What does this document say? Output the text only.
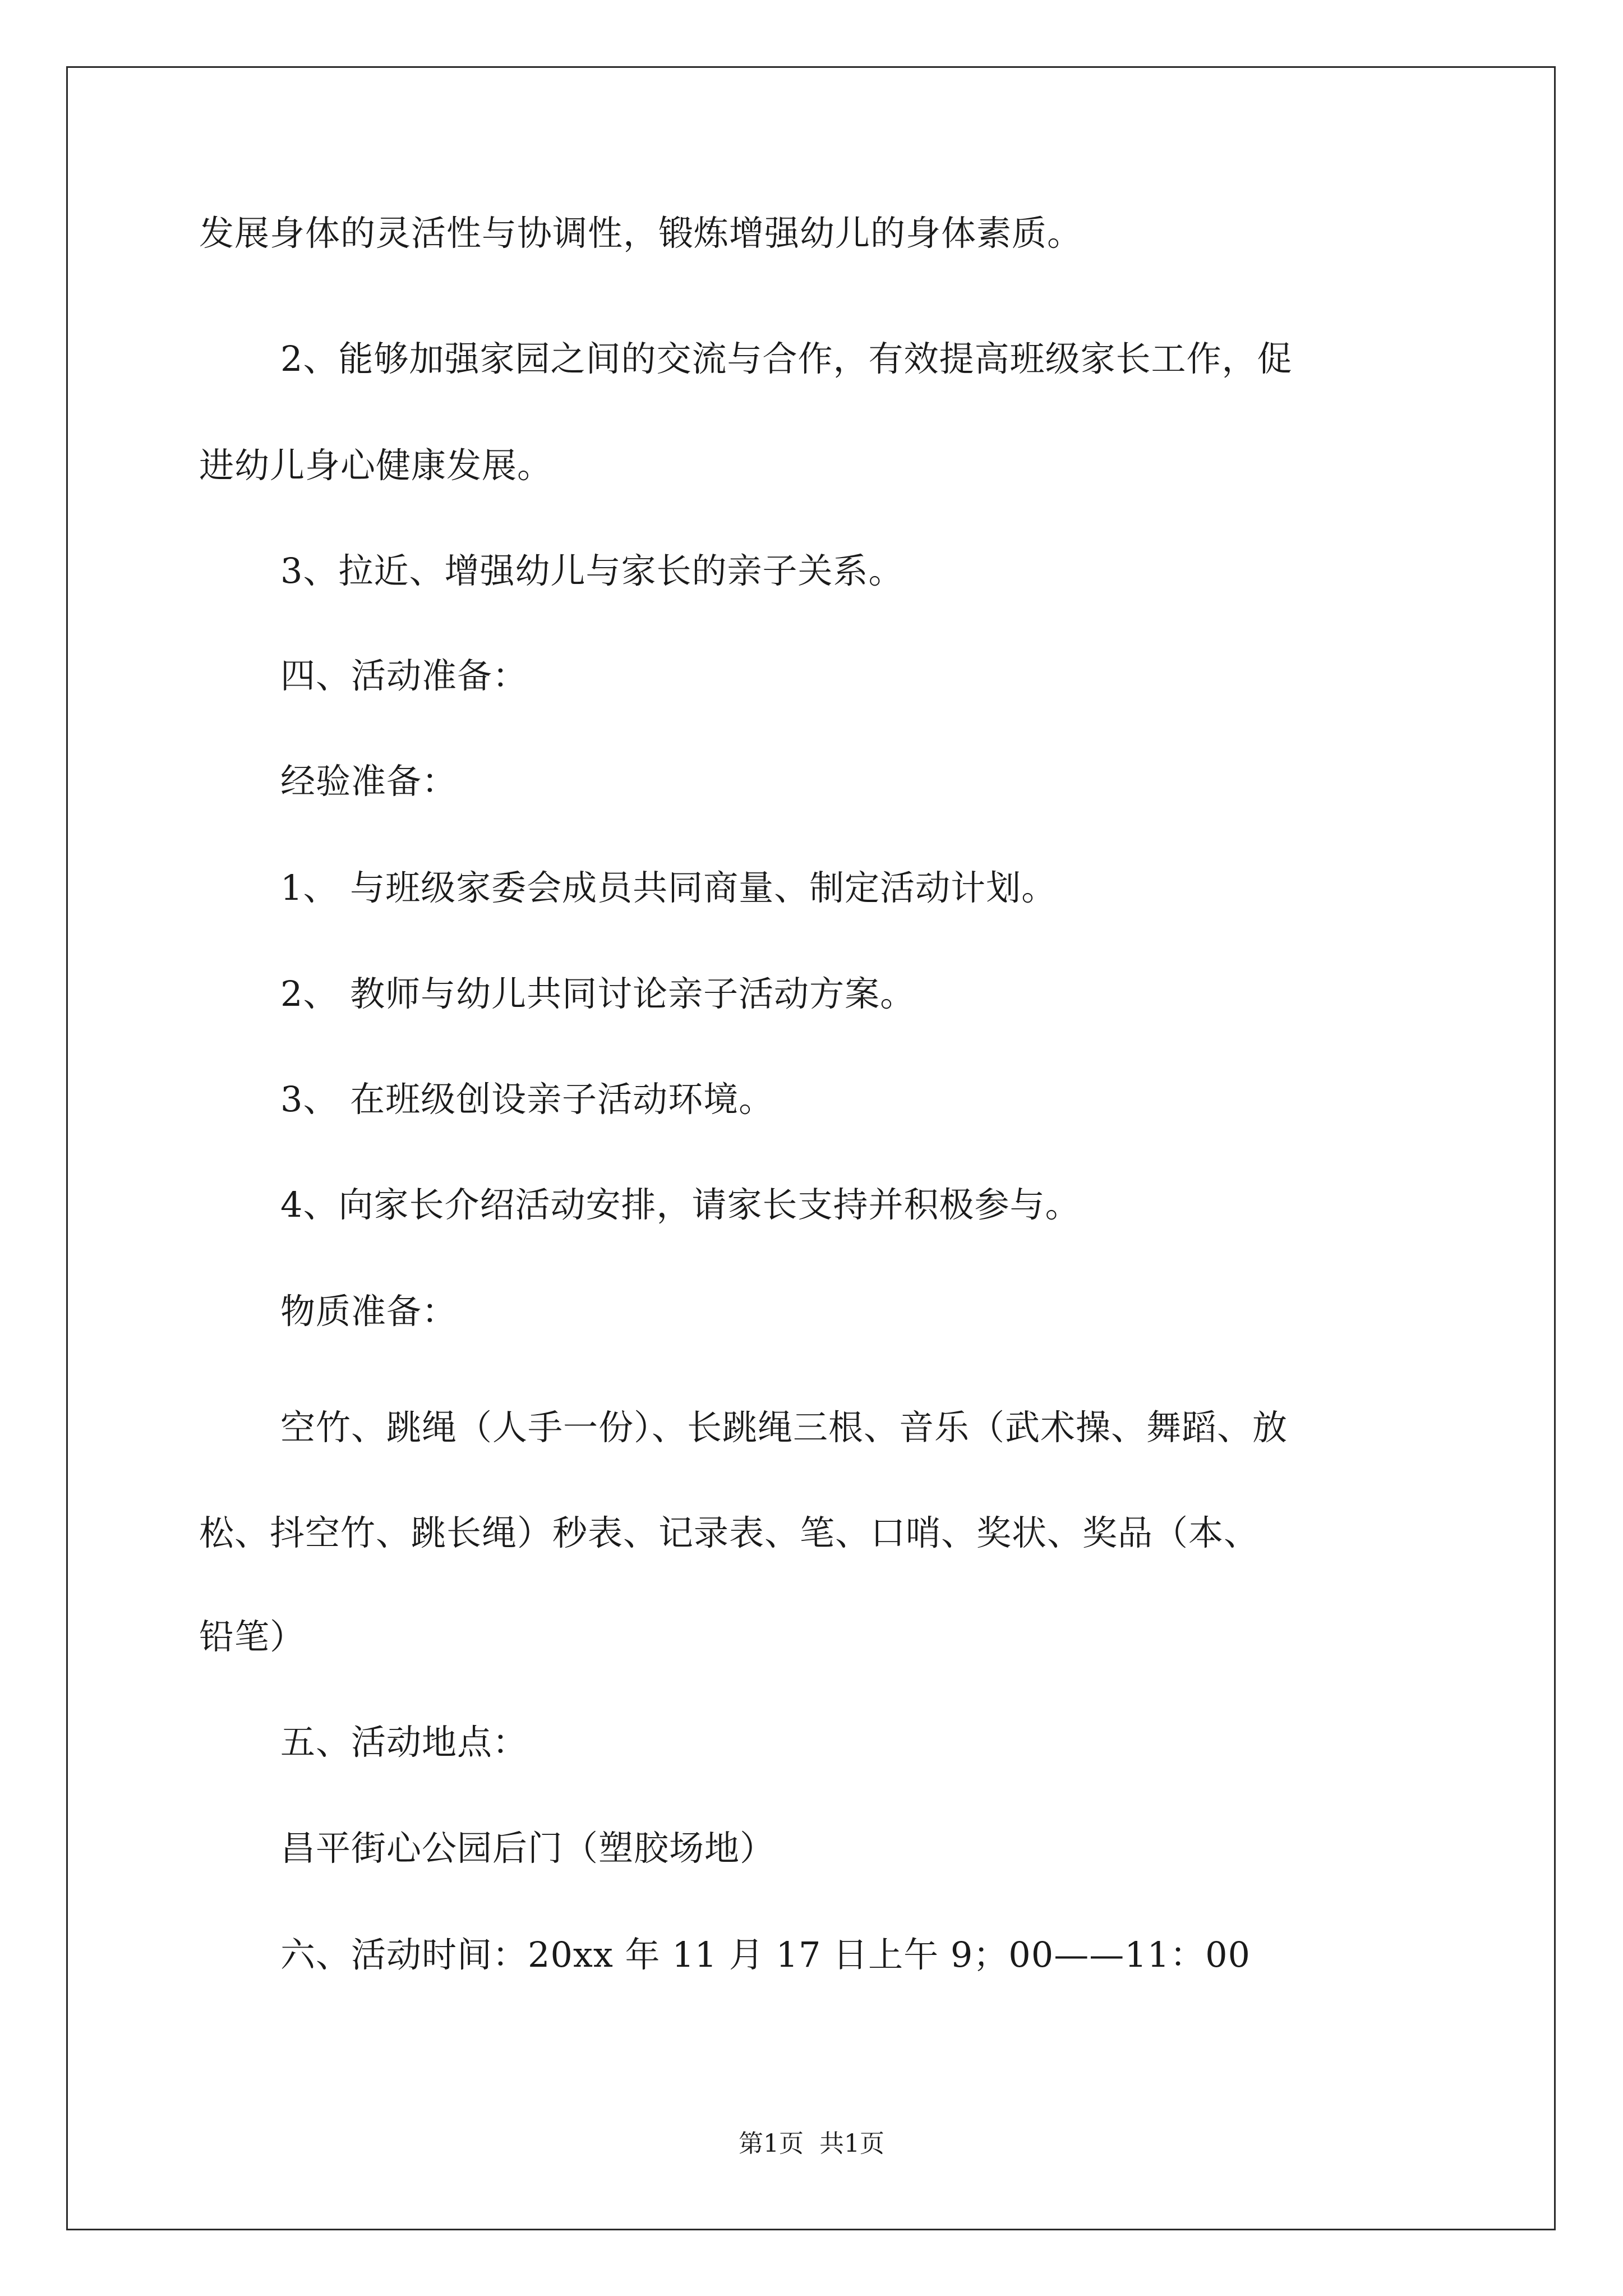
发展身体的灵活性与协调性，锻炼增强幼儿的身体素质。
2、能够加强家园之间的交流与合作，有效提高班级家长工作，促
进幼儿身心健康发展。
3、拉近、增强幼儿与家长的亲子关系。
四、活动准备：
经验准备：
1、 与班级家委会成员共同商量、制定活动计划。
2、 教师与幼儿共同讨论亲子活动方案。
3、 在班级创设亲子活动环境。
4、向家长介绍活动安排，请家长支持并积极参与。
物质准备：
空竹、跳绳（人手一份）、长跳绳三根、音乐（武术操、舞蹈、放
松、抖空竹、跳长绳）秒表、记录表、笔、口哨、奖状、奖品（本、
铅笔）
五、活动地点：
昌平街心公园后门（塑胶场地）
六、活动时间：20xx 年 11 月 17 日上午 9；00——11：00
第1页 共1页
